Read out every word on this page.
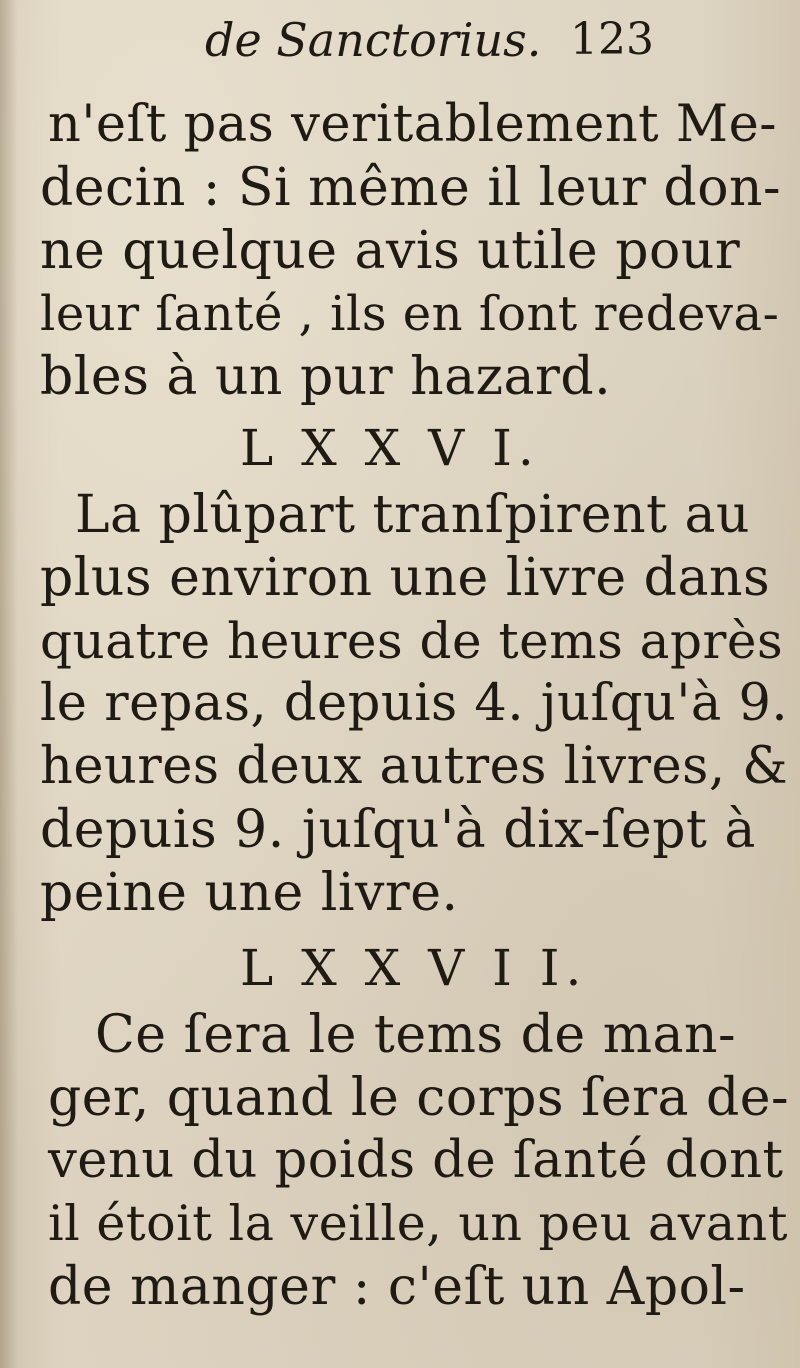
de Sanctorius. 123
n'eſt pas veritablement Me-
decin : Si même il leur don-
ne quelque avis utile pour
leur ſanté , ils en ſont redeva-
bles à un pur hazard.
L X X V I.
La plûpart tranſpirent au
plus environ une livre dans
quatre heures de tems après
le repas, depuis 4. juſqu'à 9.
heures deux autres livres, &
depuis 9. juſqu'à dix-ſept à
peine une livre.
L X X V I I.
Ce ſera le tems de man-
ger, quand le corps ſera de-
venu du poids de ſanté dont
il étoit la veille, un peu avant
de manger : c'eſt un Apol-
